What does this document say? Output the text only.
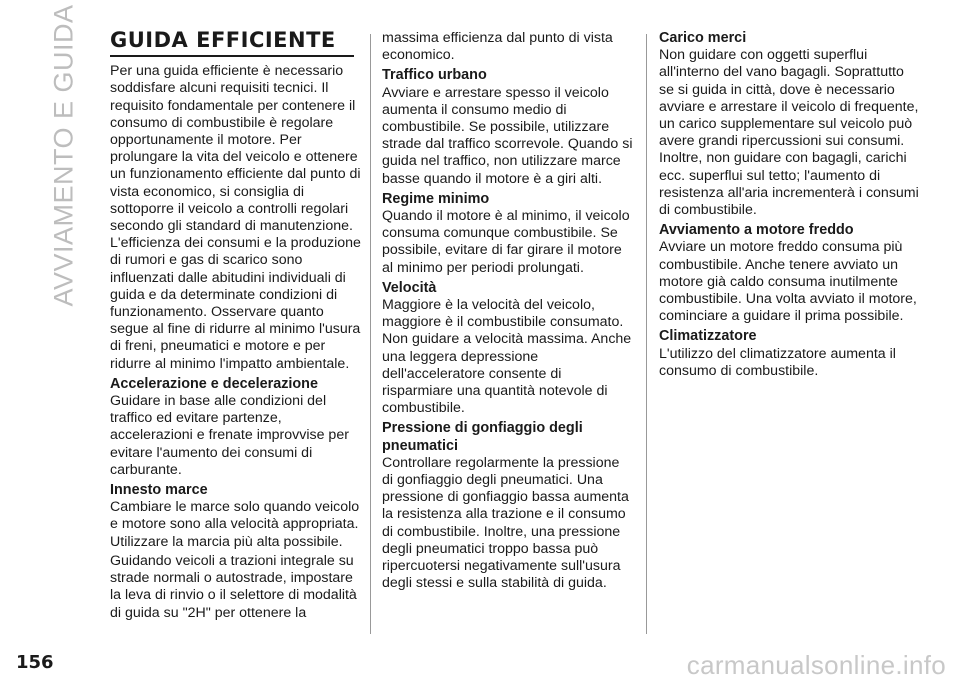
AVVIAMENTO E GUIDA GUIDA EFFICIENTE

Per una guida efficiente è necessario soddisfare alcuni requisiti tecnici. Il requisito fondamentale per contenere il consumo di combustibile è regolare opportunamente il motore. Per prolungare la vita del veicolo e ottenere un funzionamento efficiente dal punto di vista economico, si consiglia di sottoporre il veicolo a controlli regolari secondo gli standard di manutenzione. L'efficienza dei consumi e la produzione di rumori e gas di scarico sono influenzati dalle abitudini individuali di guida e da determinate condizioni di funzionamento. Osservare quanto segue al fine di ridurre al minimo l'usura di freni, pneumatici e motore e per ridurre al minimo l'impatto ambientale.

Accelerazione e decelerazione

Guidare in base alle condizioni del traffico ed evitare partenze, accelerazioni e frenate improvvise per evitare l'aumento dei consumi di carburante.

Innesto marce

Cambiare le marce solo quando veicolo e motore sono alla velocità appropriata. Utilizzare la marcia più alta possibile.

Guidando veicoli a trazioni integrale su strade normali o autostrade, impostare la leva di rinvio o il selettore di modalità di guida su "2H" per ottenere la

massima efficienza dal punto di vista economico.

Traffico urbano

Avviare e arrestare spesso il veicolo aumenta il consumo medio di combustibile. Se possibile, utilizzare strade dal traffico scorrevole. Quando si guida nel traffico, non utilizzare marce basse quando il motore è a giri alti.

Regime minimo

Quando il motore è al minimo, il veicolo consuma comunque combustibile. Se possibile, evitare di far girare il motore al minimo per periodi prolungati.

Velocità

Maggiore è la velocità del veicolo, maggiore è il combustibile consumato. Non guidare a velocità massima. Anche una leggera depressione dell'acceleratore consente di risparmiare una quantità notevole di combustibile.

Pressione di gonfiaggio degli pneumatici

Controllare regolarmente la pressione di gonfiaggio degli pneumatici. Una pressione di gonfiaggio bassa aumenta la resistenza alla trazione e il consumo di combustibile. Inoltre, una pressione degli pneumatici troppo bassa può ripercuotersi negativamente sull'usura degli stessi e sulla stabilità di guida.

Carico merci

Non guidare con oggetti superflui all'interno del vano bagagli. Soprattutto se si guida in città, dove è necessario avviare e arrestare il veicolo di frequente, un carico supplementare sul veicolo può avere grandi ripercussioni sui consumi. Inoltre, non guidare con bagagli, carichi ecc. superflui sul tetto; l'aumento di resistenza all'aria incrementerà i consumi di combustibile.

Avviamento a motore freddo

Avviare un motore freddo consuma più combustibile. Anche tenere avviato un motore già caldo consuma inutilmente combustibile. Una volta avviato il motore, cominciare a guidare il prima possibile.

Climatizzatore

L'utilizzo del climatizzatore aumenta il consumo di combustibile.

156	carmanualsonline.info
